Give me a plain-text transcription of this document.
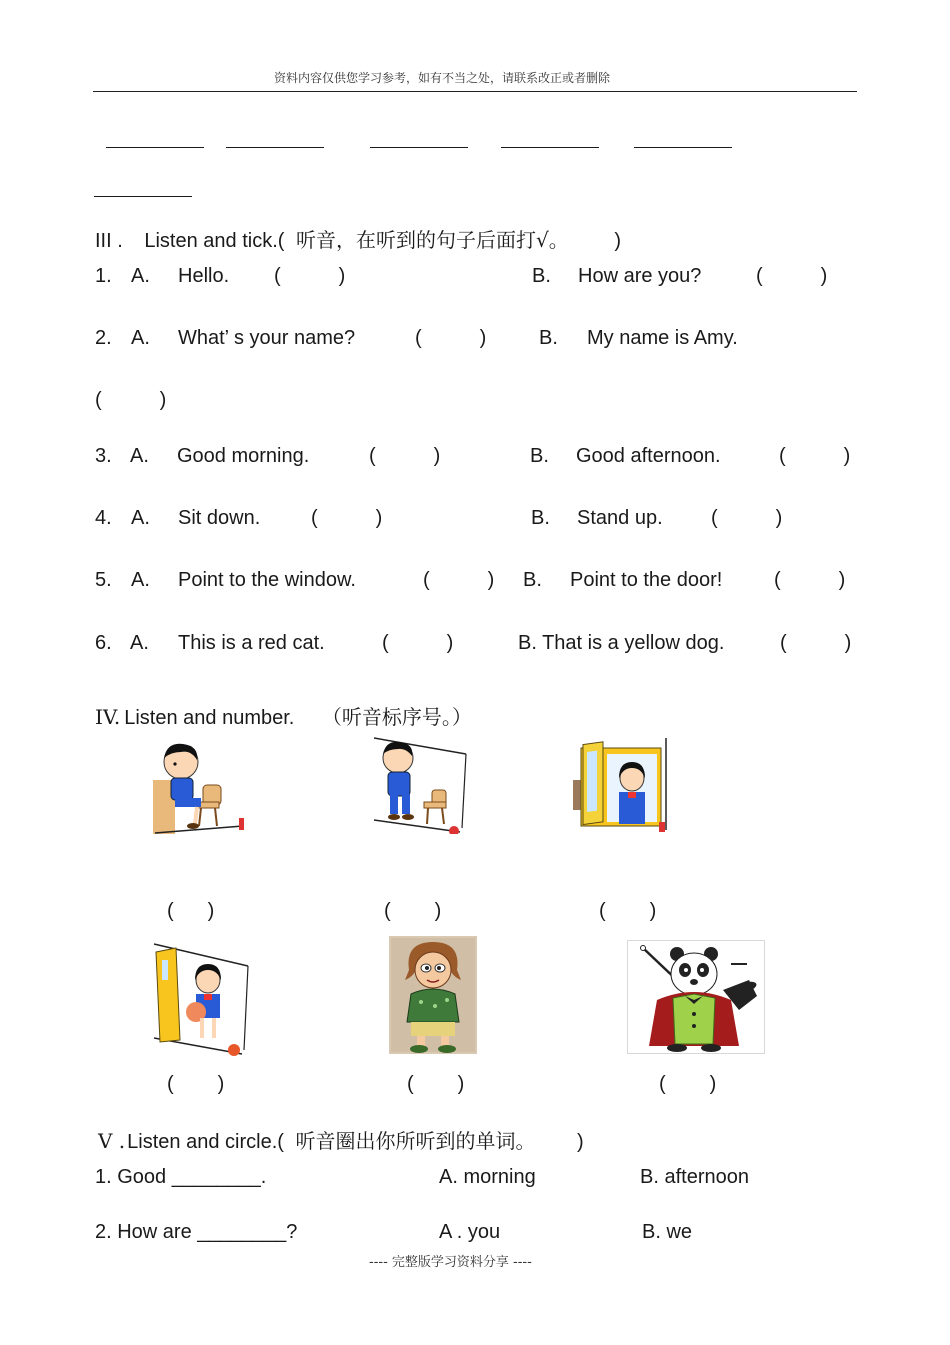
资料内容仅供您学习参考，如有不当之处，请联系改正或者删除
III . Listen and tick.( 听音，在听到的句子后面打√。 )
1. A. Hello. (	)	B. How are you?	(	)
2. A. What’ s your name?	(	)	B. My name is Amy.
(	)
3. A. Good morning.	(	)	B. Good afternoon.	(	)
4. A. Sit down.	(	)	B. Stand up. (	)
5. A. Point to the window.	(	) B. Point to the door!	(	)
6. A. This is a red cat.	(	)	B. That is a yellow dog.	(	)
IV. Listen and number. （听音标序号。）
( )	( )	( )
( )	( )	( )
V . Listen and circle.( 听音圈出你所听到的单词。 )
1. Good ________.	A. morning	B. afternoon
2. How are ________?	A . you	B. we
---- 完整版学习资料分享 ----
